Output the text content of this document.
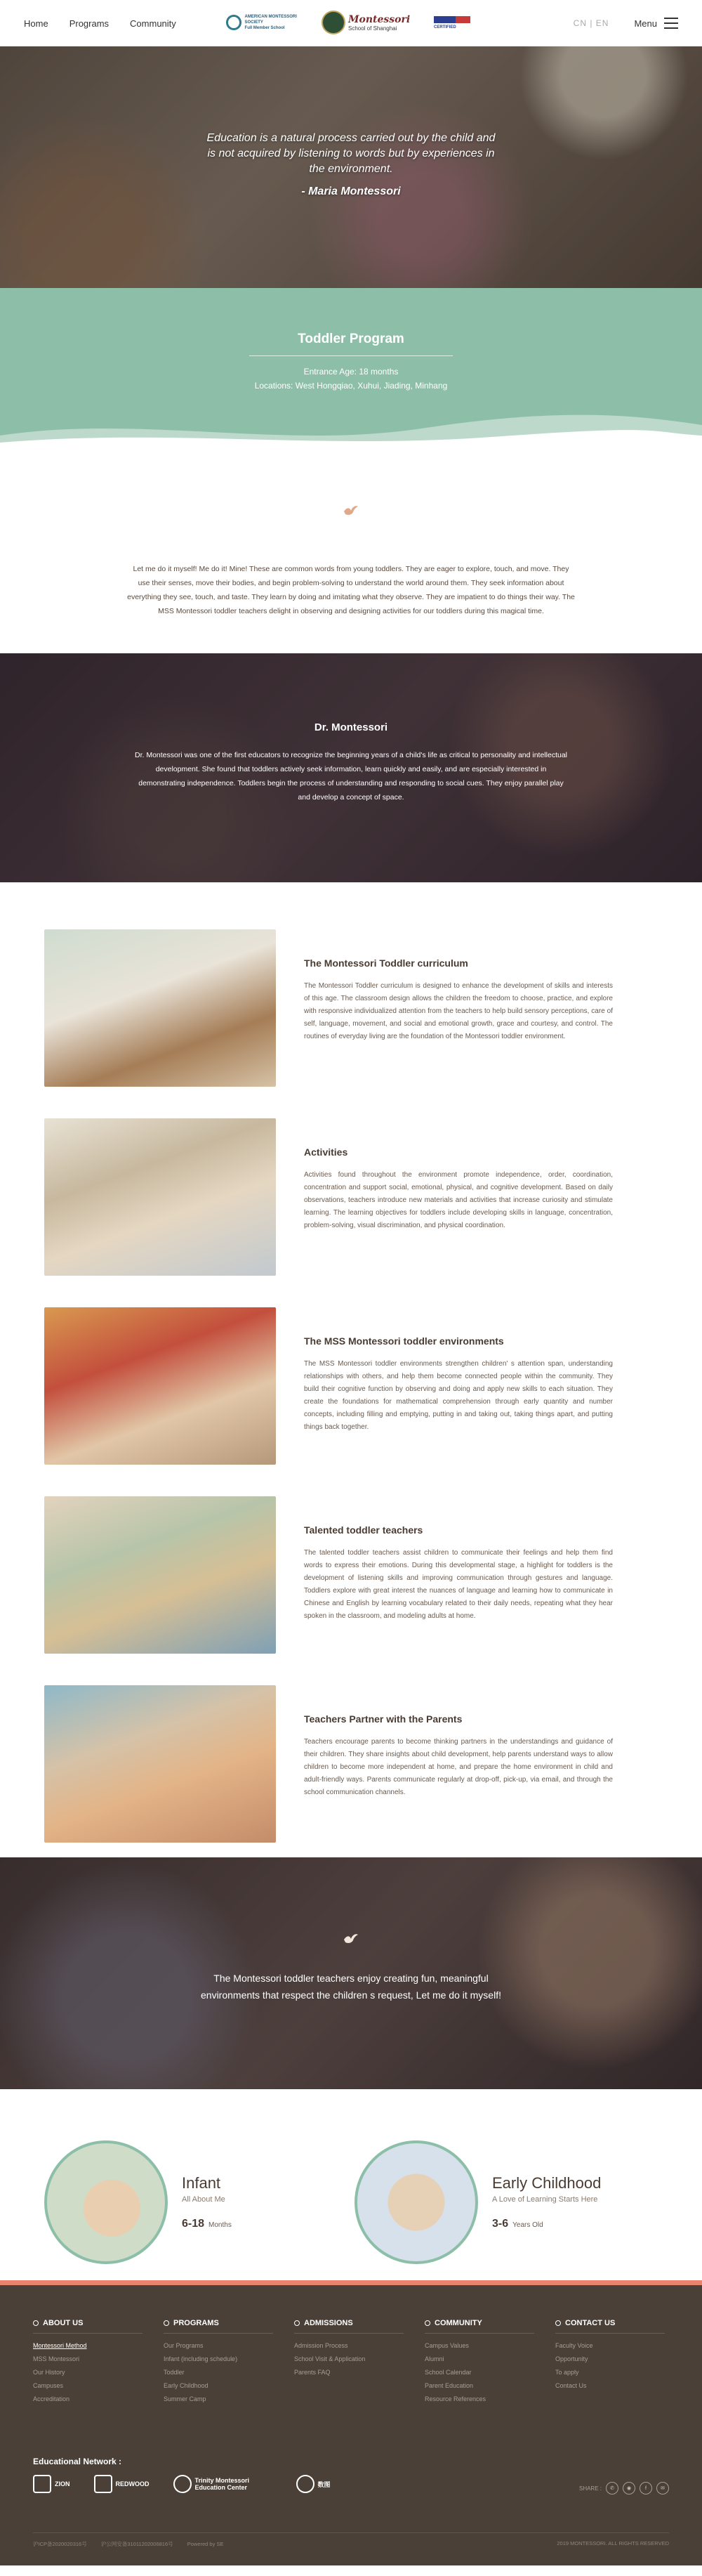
Home Programs Community
AMERICAN MONTESSORI SOCIETY
Full Member School
Montessori
School of Shanghai	CERTIFIED	CN | EN	Menu
Education is a natural process carried out by the child and is not acquired by listening to words but by experiences in the environment.
- Maria Montessori
Toddler Program

Entrance Age: 18 months

Locations: West Hongqiao, Xuhui, Jiading, Minhang

Let me do it myself! Me do it! Mine! These are common words from young toddlers. They are eager to explore, touch, and move. They use their senses, move their bodies, and begin problem-solving to understand the world around them. They seek information about everything they see, touch, and taste. They learn by doing and imitating what they observe. They are impatient to do things their way. The MSS Montessori toddler teachers delight in observing and designing activities for our toddlers during this magical time.

Dr. Montessori

Dr. Montessori was one of the first educators to recognize the beginning years of a child's life as critical to personality and intellectual development. She found that toddlers actively seek information, learn quickly and easily, and are especially interested in demonstrating independence. Toddlers begin the process of understanding and responding to social cues. They enjoy parallel play and develop a concept of space.

The Montessori Toddler curriculum

The Montessori Toddler curriculum is designed to enhance the development of skills and interests of this age. The classroom design allows the children the freedom to choose, practice, and explore with responsive individualized attention from the teachers to help build sensory perceptions, care of self, language, movement, and social and emotional growth, grace and courtesy, and control. The routines of everyday living are the foundation of the Montessori toddler environment.

Activities

Activities found throughout the environment promote independence, order, coordination, concentration and support social, emotional, physical, and cognitive development. Based on daily observations, teachers introduce new materials and activities that increase curiosity and stimulate learning. The learning objectives for toddlers include developing skills in language, concentration, problem-solving, visual discrimination, and physical coordination.

The MSS Montessori toddler environments

The MSS Montessori toddler environments strengthen children' s attention span, understanding relationships with others, and help them become connected people within the community. They build their cognitive function by observing and doing and apply new skills to each situation. They create the foundations for mathematical comprehension through early quantity and number concepts, including filling and emptying, putting in and taking out, taking things apart, and putting things back together.

Talented toddler teachers

The talented toddler teachers assist children to communicate their feelings and help them find words to express their emotions. During this developmental stage, a highlight for toddlers is the development of listening skills and improving communication through gestures and language. Toddlers explore with great interest the nuances of language and learning how to communicate in Chinese and English by learning vocabulary related to their daily needs, repeating what they hear spoken in the classroom, and modeling adults at home.

Teachers Partner with the Parents

Teachers encourage parents to become thinking partners in the understandings and guidance of their children. They share insights about child development, help parents understand ways to allow children to become more independent at home, and prepare the home environment in child and adult-friendly ways. Parents communicate regularly at drop-off, pick-up, via email, and through the school communication channels.

The Montessori toddler teachers enjoy creating fun, meaningful environments that respect the children s request, Let me do it myself!

Infant
All About Me
6-18 Months
Early Childhood
A Love of Learning Starts Here
3-6 Years Old
ABOUT US
Montessori Method
MSS Montessori
Our History
Campuses
Accreditation
PROGRAMS
Our Programs
Infant (including schedule)
Toddler
Early Childhood
Summer Camp
ADMISSIONS
Admission Process
School Visit & Application
Parents FAQ
COMMUNITY
Campus Values
Alumni
School Calendar
Parent Education
Resource References
CONTACT US
Faculty Voice
Opportunity
To apply
Contact Us
Educational Network :
ZION	REDWOOD	Trinity Montessori Education Center	数图
SHARE :	✆	◉	f	✉
沪ICP备2020020316号	沪公网安备31011202006816号	Powered by SE	2019 MONTESSORI. ALL RIGHTS RESERVED
